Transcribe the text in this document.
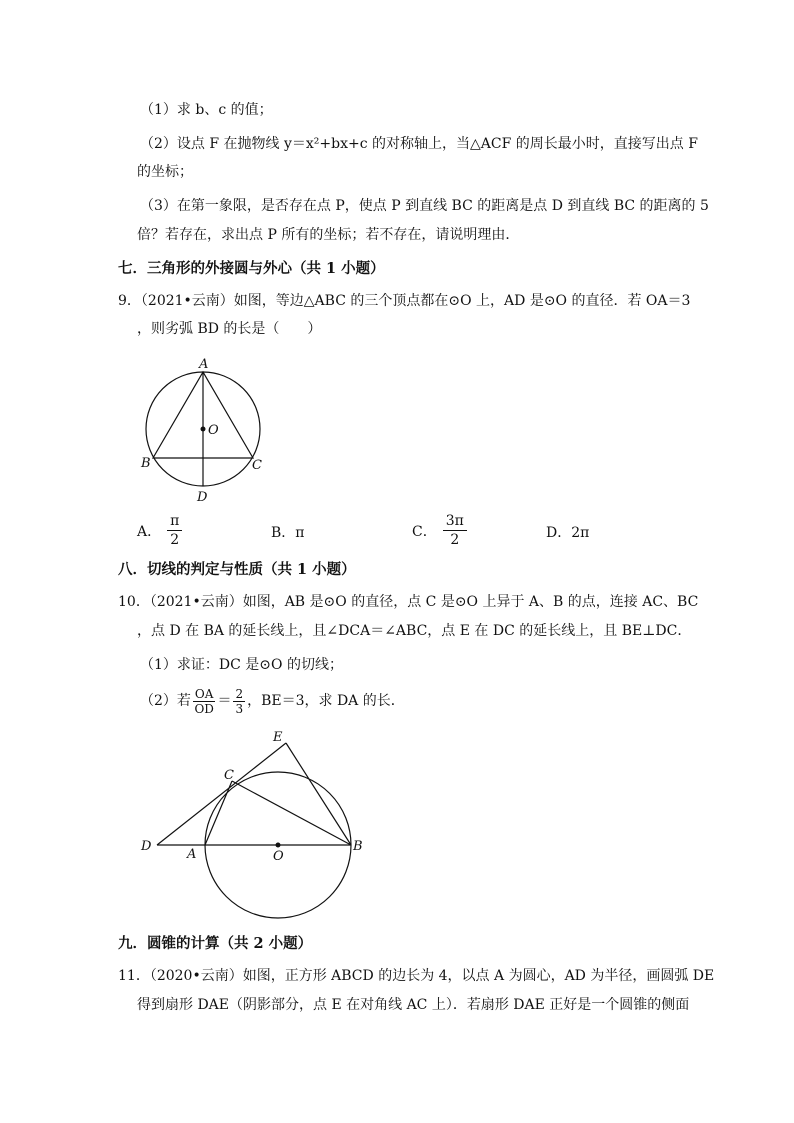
（1）求 b、c 的值；
（2）设点 F 在抛物线 y＝x²+bx+c 的对称轴上，当△ACF 的周长最小时，直接写出点 F
的坐标；
（3）在第一象限，是否存在点 P，使点 P 到直线 BC 的距离是点 D 到直线 BC 的距离的 5
倍？若存在，求出点 P 所有的坐标；若不存在，请说明理由．
七．三角形的外接圆与外心（共 1 小题）
9．（2021•云南）如图，等边△ABC 的三个顶点都在⊙O 上，AD 是⊙O 的直径．若 OA＝3
，则劣弧 BD 的长是（　　）
A
O
B	C
D
A． $\frac{\pi}{2}$	B．π	C． $\frac{3\pi}{2}$	D．2π
八．切线的判定与性质（共 1 小题）
10．（2021•云南）如图，AB 是⊙O 的直径，点 C 是⊙O 上异于 A、B 的点，连接 AC、BC
，点 D 在 BA 的延长线上，且∠DCA＝∠ABC，点 E 在 DC 的延长线上，且 BE⊥DC．
（1）求证：DC 是⊙O 的切线；
（2）若 $\frac{OA}{OD} = \frac{2}{3}$ ，BE＝3，求 DA 的长．
E
C
D
A	O
B
九．圆锥的计算（共 2 小题）
11．（2020•云南）如图，正方形 ABCD 的边长为 4，以点 A 为圆心，AD 为半径，画圆弧 DE
得到扇形 DAE（阴影部分，点 E 在对角线 AC 上）．若扇形 DAE 正好是一个圆锥的侧面
